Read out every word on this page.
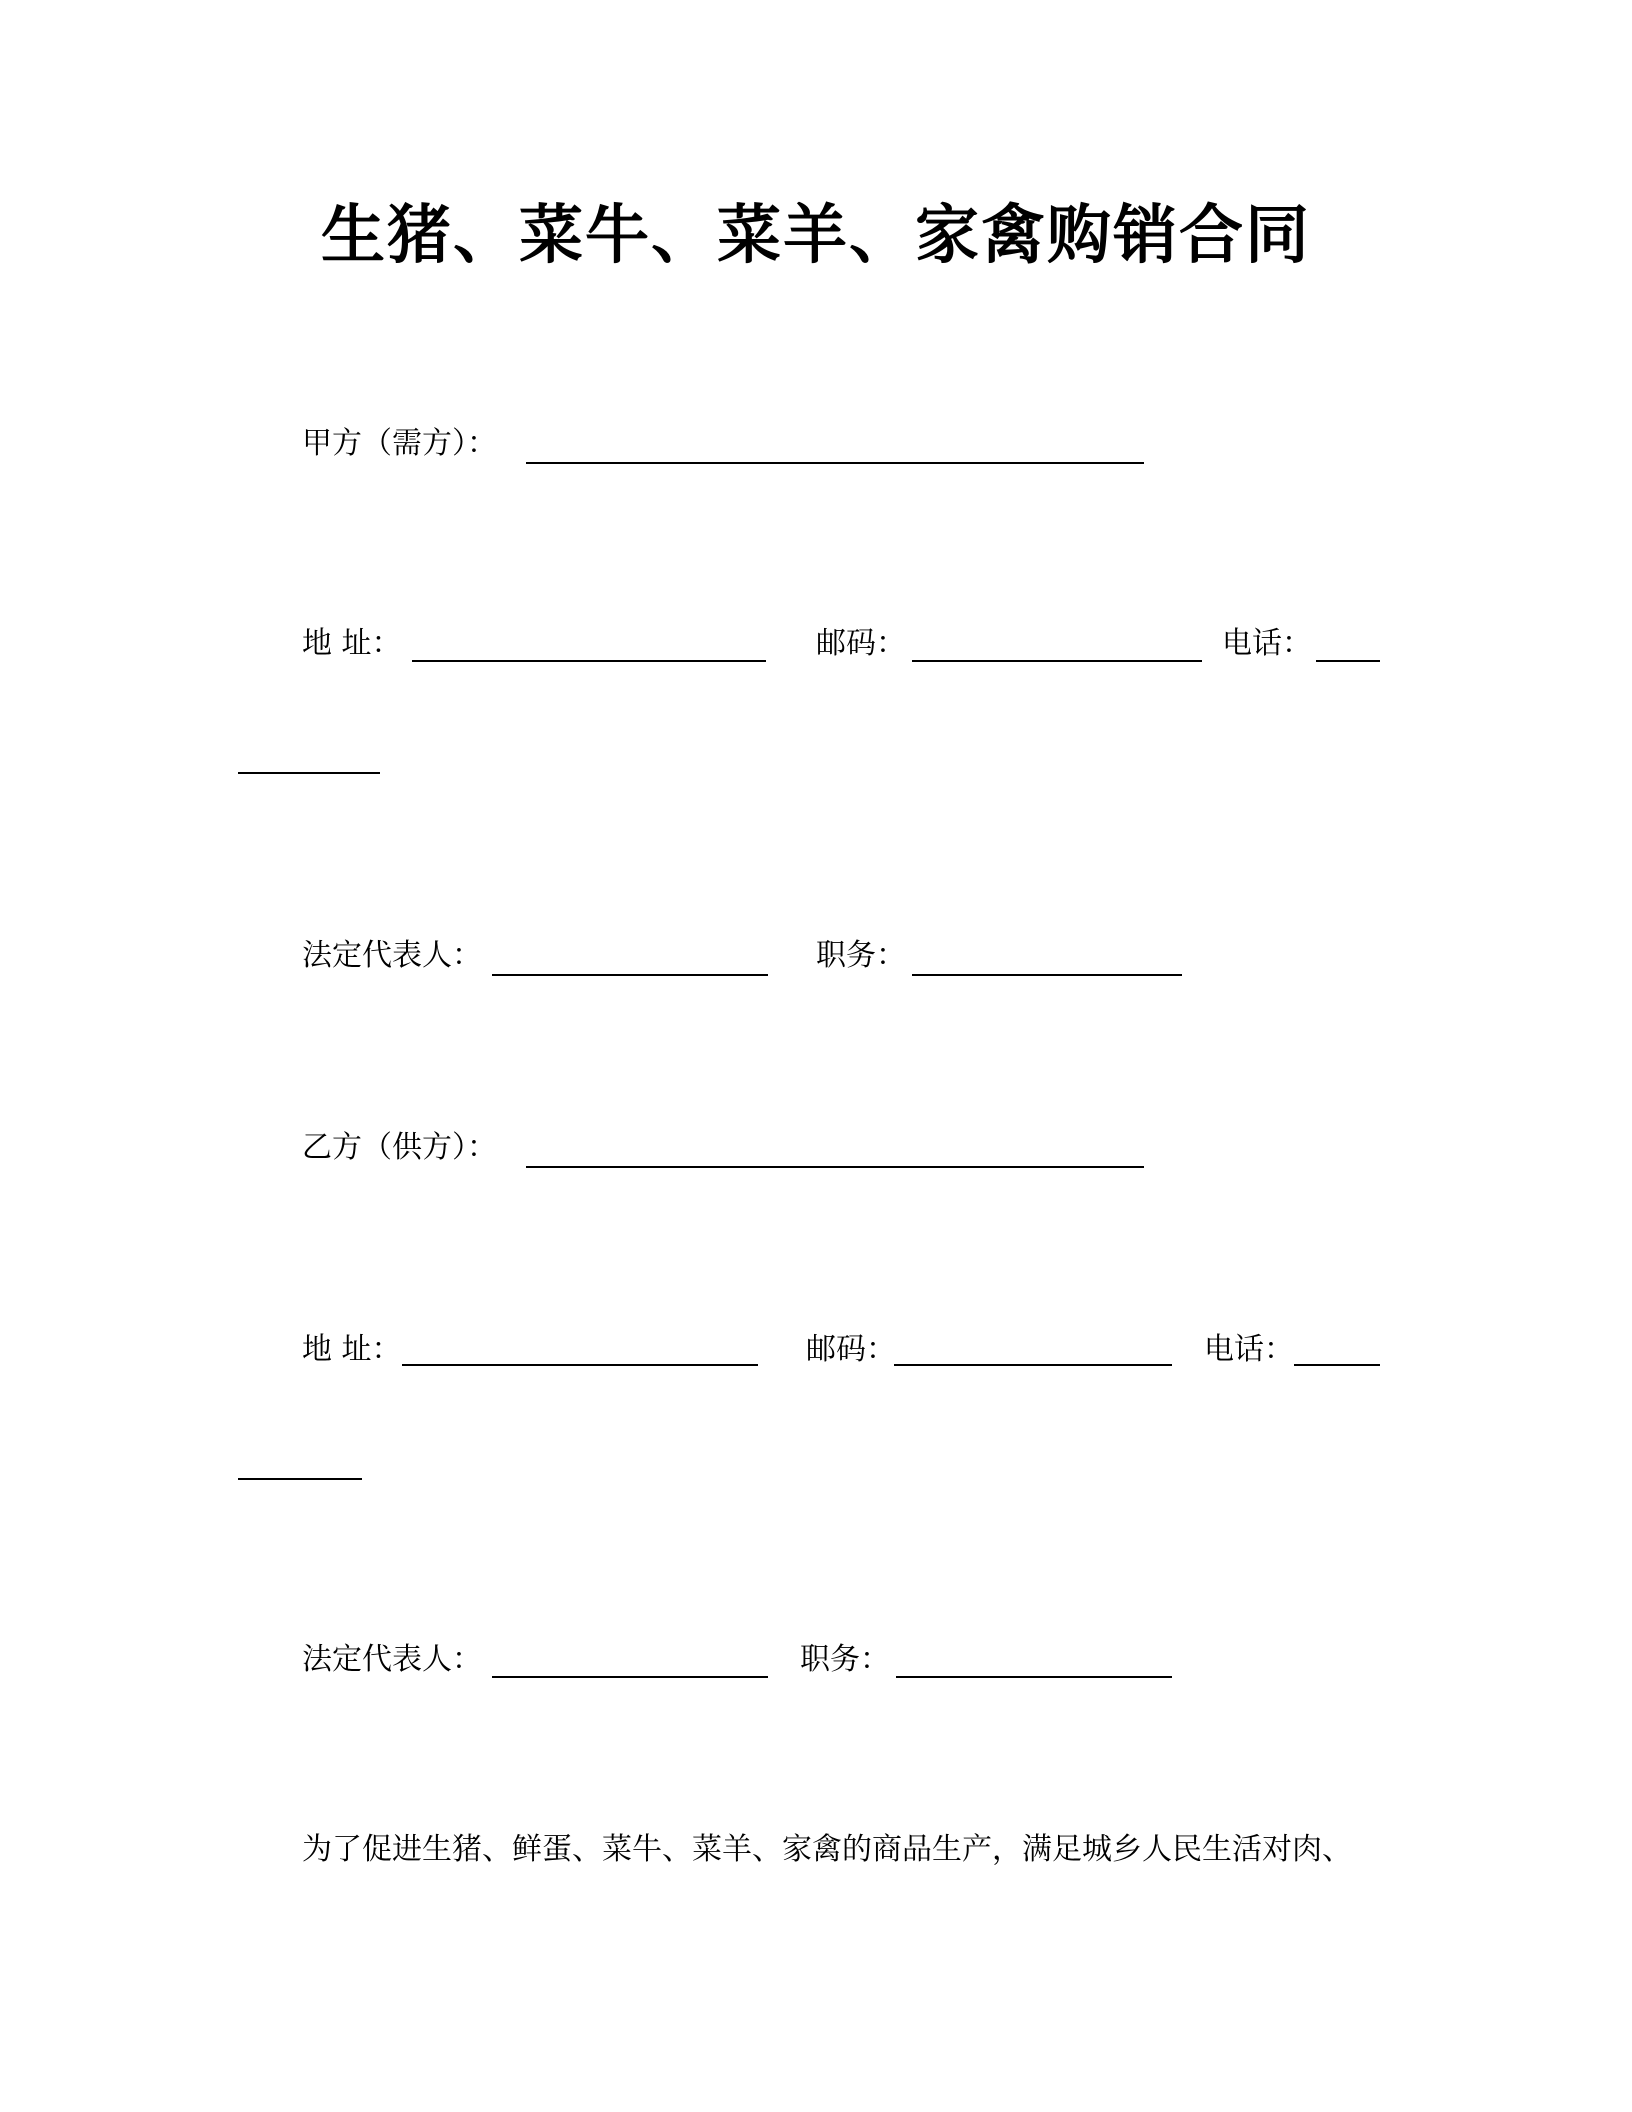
生猪、菜牛、菜羊、家禽购销合同
甲方（需方）：
地 址：	邮码：	电话：
法定代表人：	职务：
乙方（供方）：
地 址：	邮码：	电话：
法定代表人：	职务：
为了促进生猪、鲜蛋、菜牛、菜羊、家禽的商品生产，满足城乡人民生活对肉、
